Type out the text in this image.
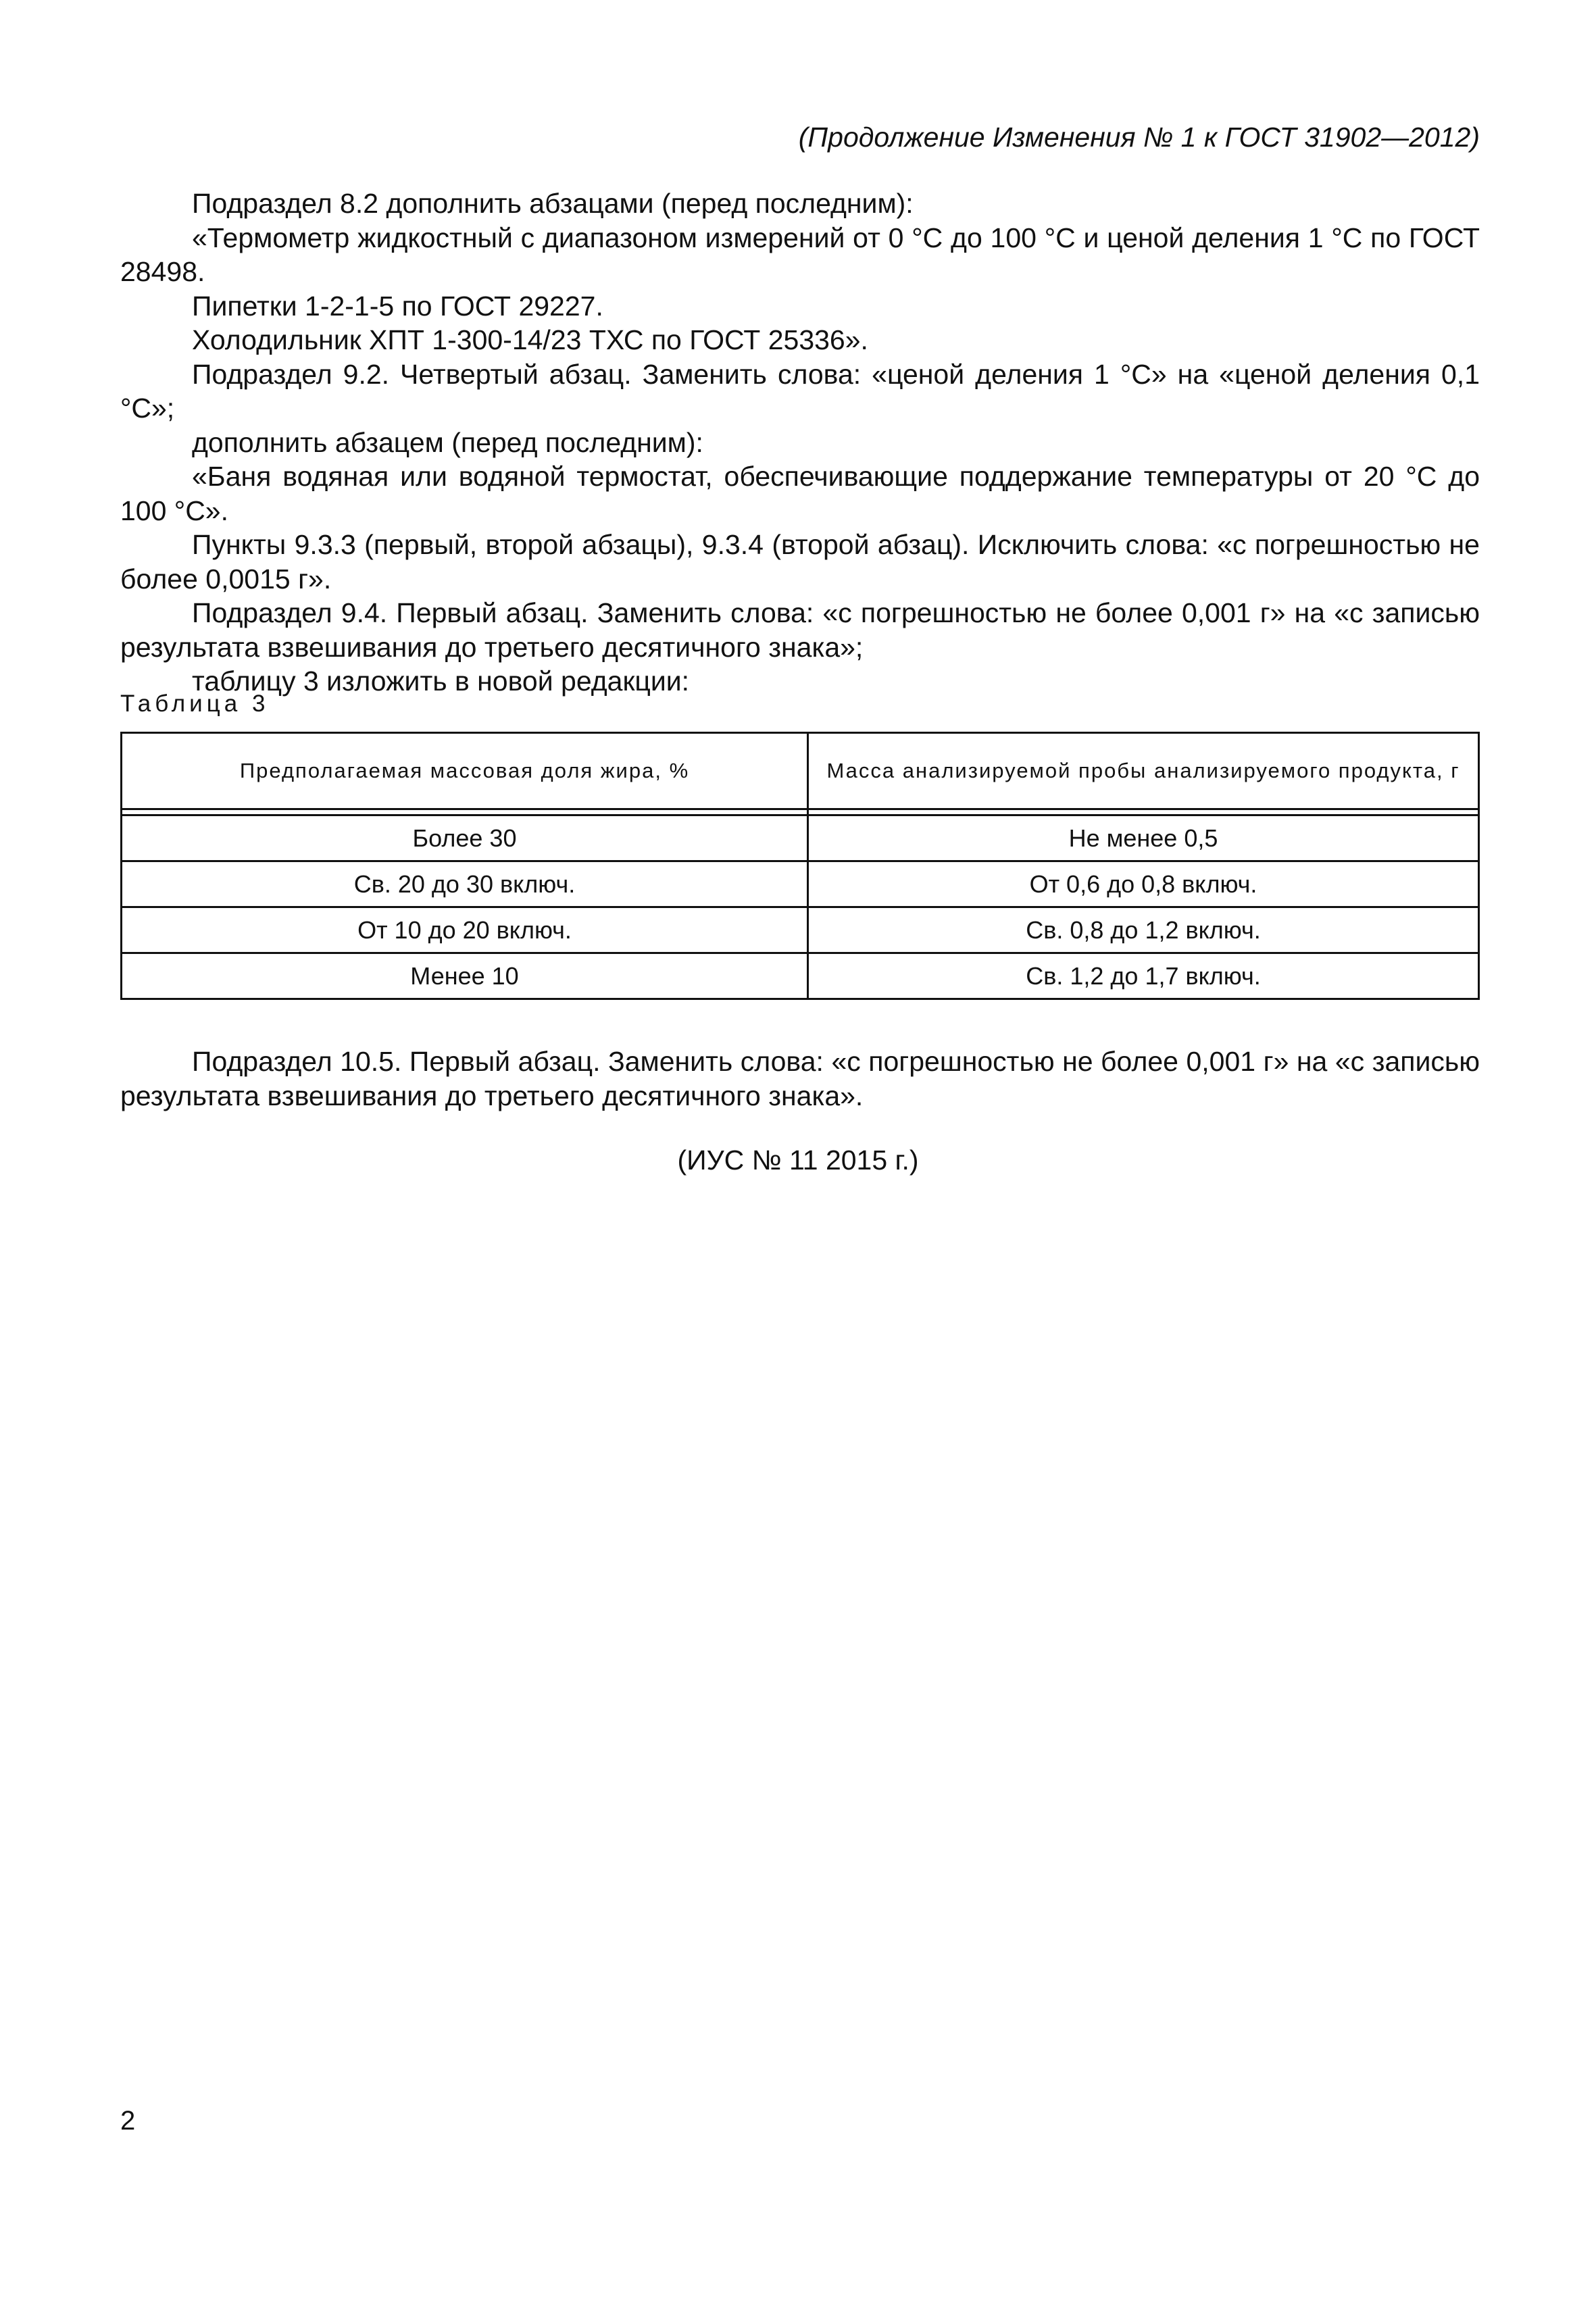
(Продолжение Изменения № 1 к ГОСТ 31902—2012)

Подраздел 8.2 дополнить абзацами (перед последним):

«Термометр жидкостный с диапазоном измерений от 0 °С до 100 °С и ценой деления 1 °С по ГОСТ 28498.

Пипетки 1-2-1-5 по ГОСТ 29227.

Холодильник ХПТ 1-300-14/23 ТХС по ГОСТ 25336».

Подраздел 9.2. Четвертый абзац. Заменить слова: «ценой деления 1 °С» на «ценой деления 0,1 °С»;

дополнить абзацем (перед последним):

«Баня водяная или водяной термостат, обеспечивающие поддержание температуры от 20 °С до 100 °С».

Пункты 9.3.3 (первый, второй абзацы), 9.3.4 (второй абзац). Исключить слова: «с погрешностью не более 0,0015 г».

Подраздел 9.4. Первый абзац. Заменить слова: «с погрешностью не более 0,001 г» на «с записью результата взвешивания до третьего десятичного знака»;

таблицу 3 изложить в новой редакции:

Таблица 3
Предполагаемая массовая доля жира, %	Масса анализируемой пробы анализируемого продукта, г

Более 30	Не менее 0,5
Св. 20 до 30 включ.	От 0,6 до 0,8 включ.
От 10 до 20 включ.	Св. 0,8 до 1,2 включ.
Менее 10	Св. 1,2 до 1,7 включ.

Подраздел 10.5. Первый абзац. Заменить слова: «с погрешностью не более 0,001 г» на «с записью результата взвешивания до третьего десятичного знака».

(ИУС № 11 2015 г.)
2
